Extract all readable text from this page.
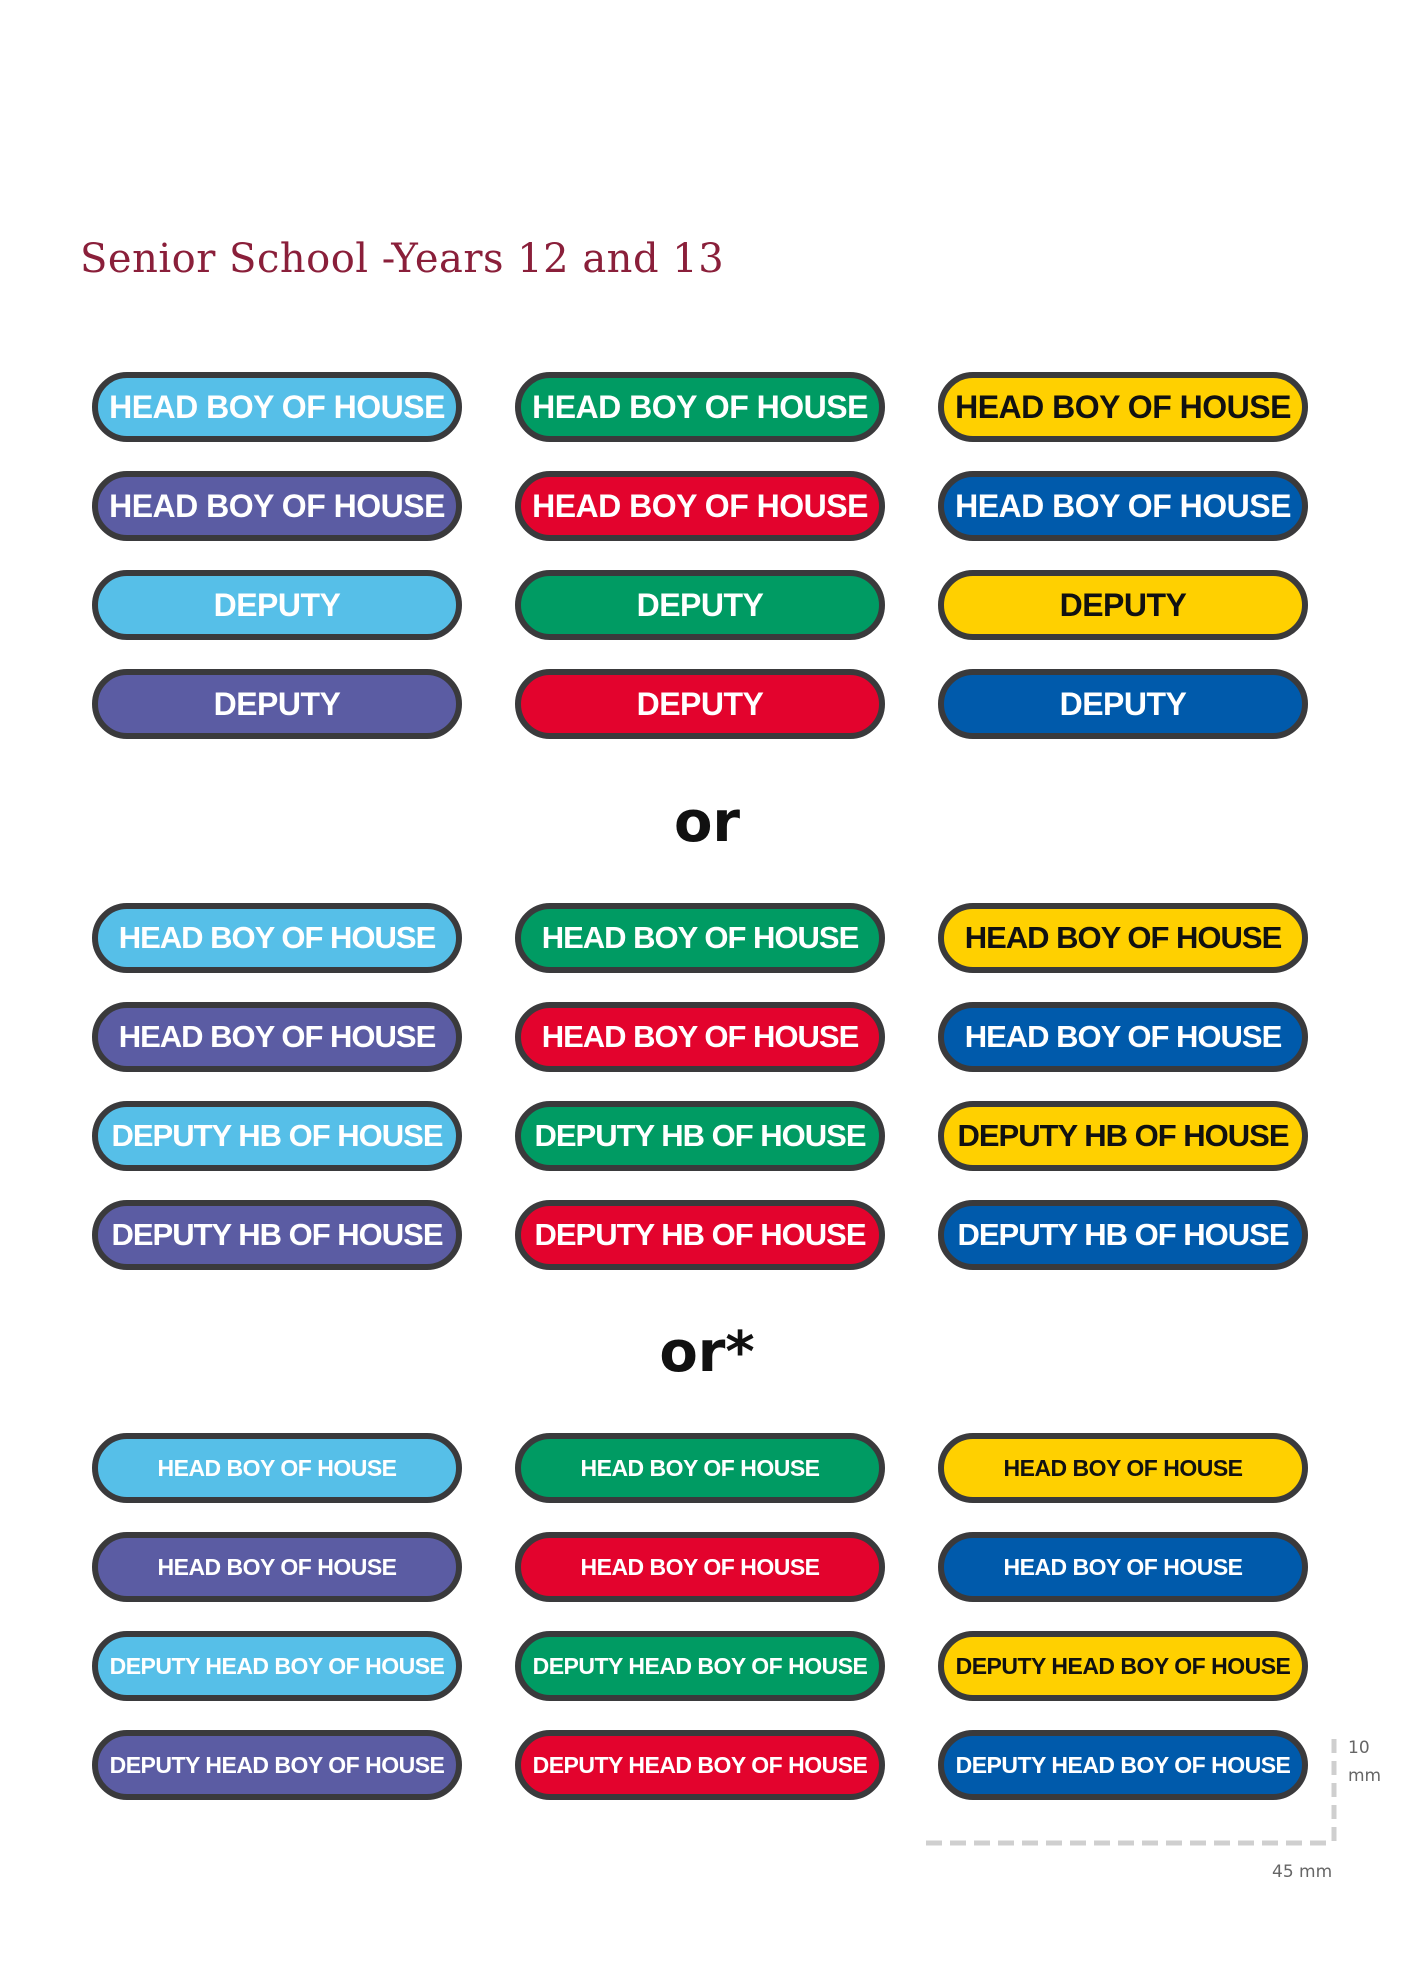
Senior School -Years 12 and 13
HEAD BOY OF HOUSE	HEAD BOY OF HOUSE	HEAD BOY OF HOUSE
HEAD BOY OF HOUSE	HEAD BOY OF HOUSE	HEAD BOY OF HOUSE
DEPUTY	DEPUTY	DEPUTY
DEPUTY	DEPUTY	DEPUTY
or
HEAD BOY OF HOUSE	HEAD BOY OF HOUSE	HEAD BOY OF HOUSE
HEAD BOY OF HOUSE	HEAD BOY OF HOUSE	HEAD BOY OF HOUSE
DEPUTY HB OF HOUSE	DEPUTY HB OF HOUSE	DEPUTY HB OF HOUSE
DEPUTY HB OF HOUSE	DEPUTY HB OF HOUSE	DEPUTY HB OF HOUSE
or*
HEAD BOY OF HOUSE	HEAD BOY OF HOUSE	HEAD BOY OF HOUSE
HEAD BOY OF HOUSE	HEAD BOY OF HOUSE	HEAD BOY OF HOUSE
DEPUTY HEAD BOY OF HOUSE	DEPUTY HEAD BOY OF HOUSE	DEPUTY HEAD BOY OF HOUSE
DEPUTY HEAD BOY OF HOUSE	DEPUTY HEAD BOY OF HOUSE	DEPUTY HEAD BOY OF HOUSE
10
mm
45 mm
